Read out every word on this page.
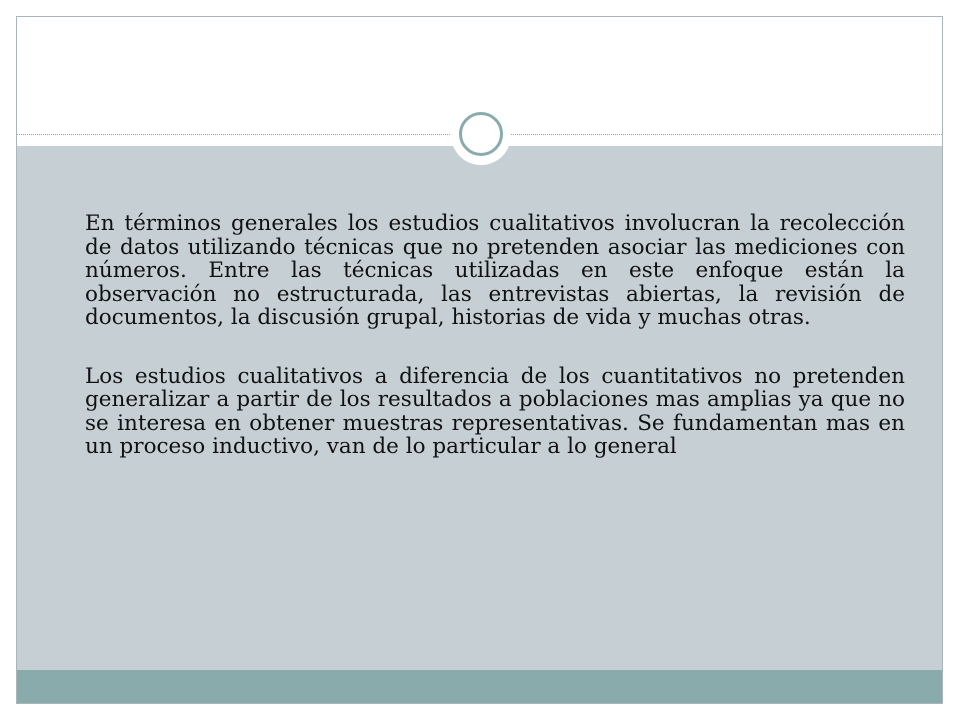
En términos generales los estudios cualitativos involucran la recolección de datos utilizando técnicas que no pretenden asociar las mediciones con números. Entre las técnicas utilizadas en este enfoque están la observación no estructurada, las entrevistas abiertas, la revisión de documentos, la discusión grupal, historias de vida y muchas otras.

Los estudios cualitativos a diferencia de los cuantitativos no pretenden generalizar a partir de los resultados a poblaciones mas amplias ya que no se interesa en obtener muestras representativas. Se fundamentan mas en un proceso inductivo, van de lo particular a lo general
